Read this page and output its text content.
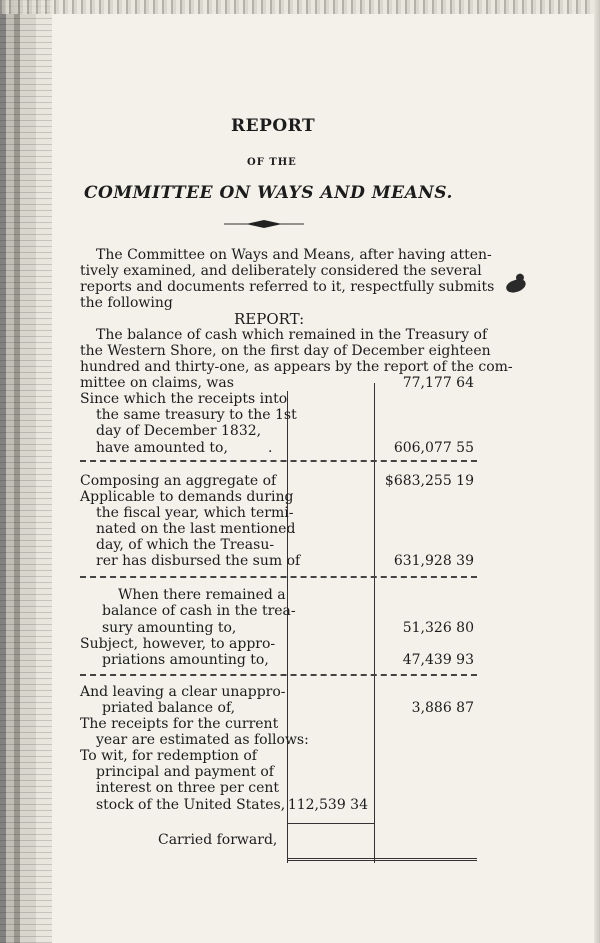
REPORT
OF THE
COMMITTEE ON WAYS AND MEANS.
The Committee on Ways and Means, after having atten-
tively examined, and deliberately considered the several
reports and documents referred to it, respectfully submits
the following
REPORT:
The balance of cash which remained in the Treasury of
the Western Shore, on the first day of December eighteen
hundred and thirty-one, as appears by the report of the com-
mittee on claims, was	77,177 64
Since which the receipts into
the same treasury to the 1st
day of December 1832,
have amounted to,	.	606,077 55
Composing an aggregate of	$683,255 19
Applicable to demands during
the fiscal year, which termi-
nated on the last mentioned
day, of which the Treasu-
rer has disbursed the sum of	631,928 39
When there remained a
balance of cash in the trea-
sury amounting to,	51,326 80
Subject, however, to appro-
priations amounting to,	47,439 93
And leaving a clear unappro-
priated balance of,	3,886 87
The receipts for the current
year are estimated as follows:
To wit, for redemption of
principal and payment of
interest on three per cent
stock of the United States, 112,539 34
Carried forward,
